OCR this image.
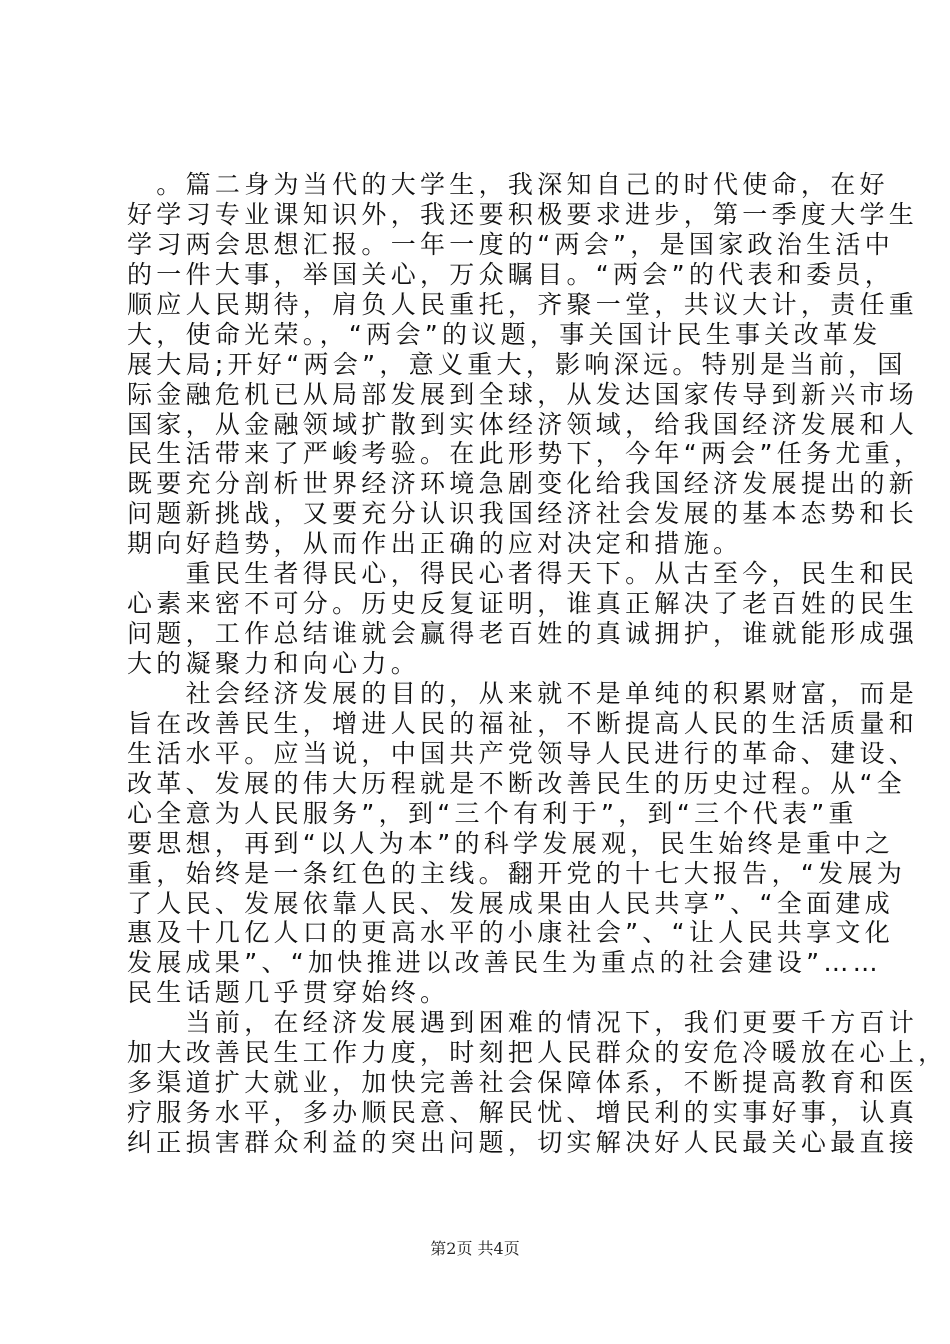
　。篇二身为当代的大学生，我深知自己的时代使命，在好
好学习专业课知识外，我还要积极要求进步，第一季度大学生
学习两会思想汇报。一年一度的“两会”，是国家政治生活中
的一件大事，举国关心，万众瞩目。“两会”的代表和委员，
顺应人民期待，肩负人民重托，齐聚一堂，共议大计，责任重
大，使命光荣。，“两会”的议题，事关国计民生事关改革发
展大局;开好“两会”，意义重大，影响深远。特别是当前，国
际金融危机已从局部发展到全球，从发达国家传导到新兴市场
国家，从金融领域扩散到实体经济领域，给我国经济发展和人
民生活带来了严峻考验。在此形势下，今年“两会”任务尤重，
既要充分剖析世界经济环境急剧变化给我国经济发展提出的新
问题新挑战，又要充分认识我国经济社会发展的基本态势和长
期向好趋势，从而作出正确的应对决定和措施。
　　重民生者得民心，得民心者得天下。从古至今，民生和民
心素来密不可分。历史反复证明，谁真正解决了老百姓的民生
问题，工作总结谁就会赢得老百姓的真诚拥护，谁就能形成强
大的凝聚力和向心力。
　　社会经济发展的目的，从来就不是单纯的积累财富，而是
旨在改善民生，增进人民的福祉，不断提高人民的生活质量和
生活水平。应当说，中国共产党领导人民进行的革命、建设、
改革、发展的伟大历程就是不断改善民生的历史过程。从“全
心全意为人民服务”，到“三个有利于”，到“三个代表”重
要思想，再到“以人为本”的科学发展观，民生始终是重中之
重，始终是一条红色的主线。翻开党的十七大报告，“发展为
了人民、发展依靠人民、发展成果由人民共享”、“全面建成
惠及十几亿人口的更高水平的小康社会”、“让人民共享文化
发展成果”、“加快推进以改善民生为重点的社会建设”……
民生话题几乎贯穿始终。
　　当前，在经济发展遇到困难的情况下，我们更要千方百计
加大改善民生工作力度，时刻把人民群众的安危冷暖放在心上，
多渠道扩大就业，加快完善社会保障体系，不断提高教育和医
疗服务水平，多办顺民意、解民忧、增民利的实事好事，认真
纠正损害群众利益的突出问题，切实解决好人民最关心最直接
第2页 共4页
